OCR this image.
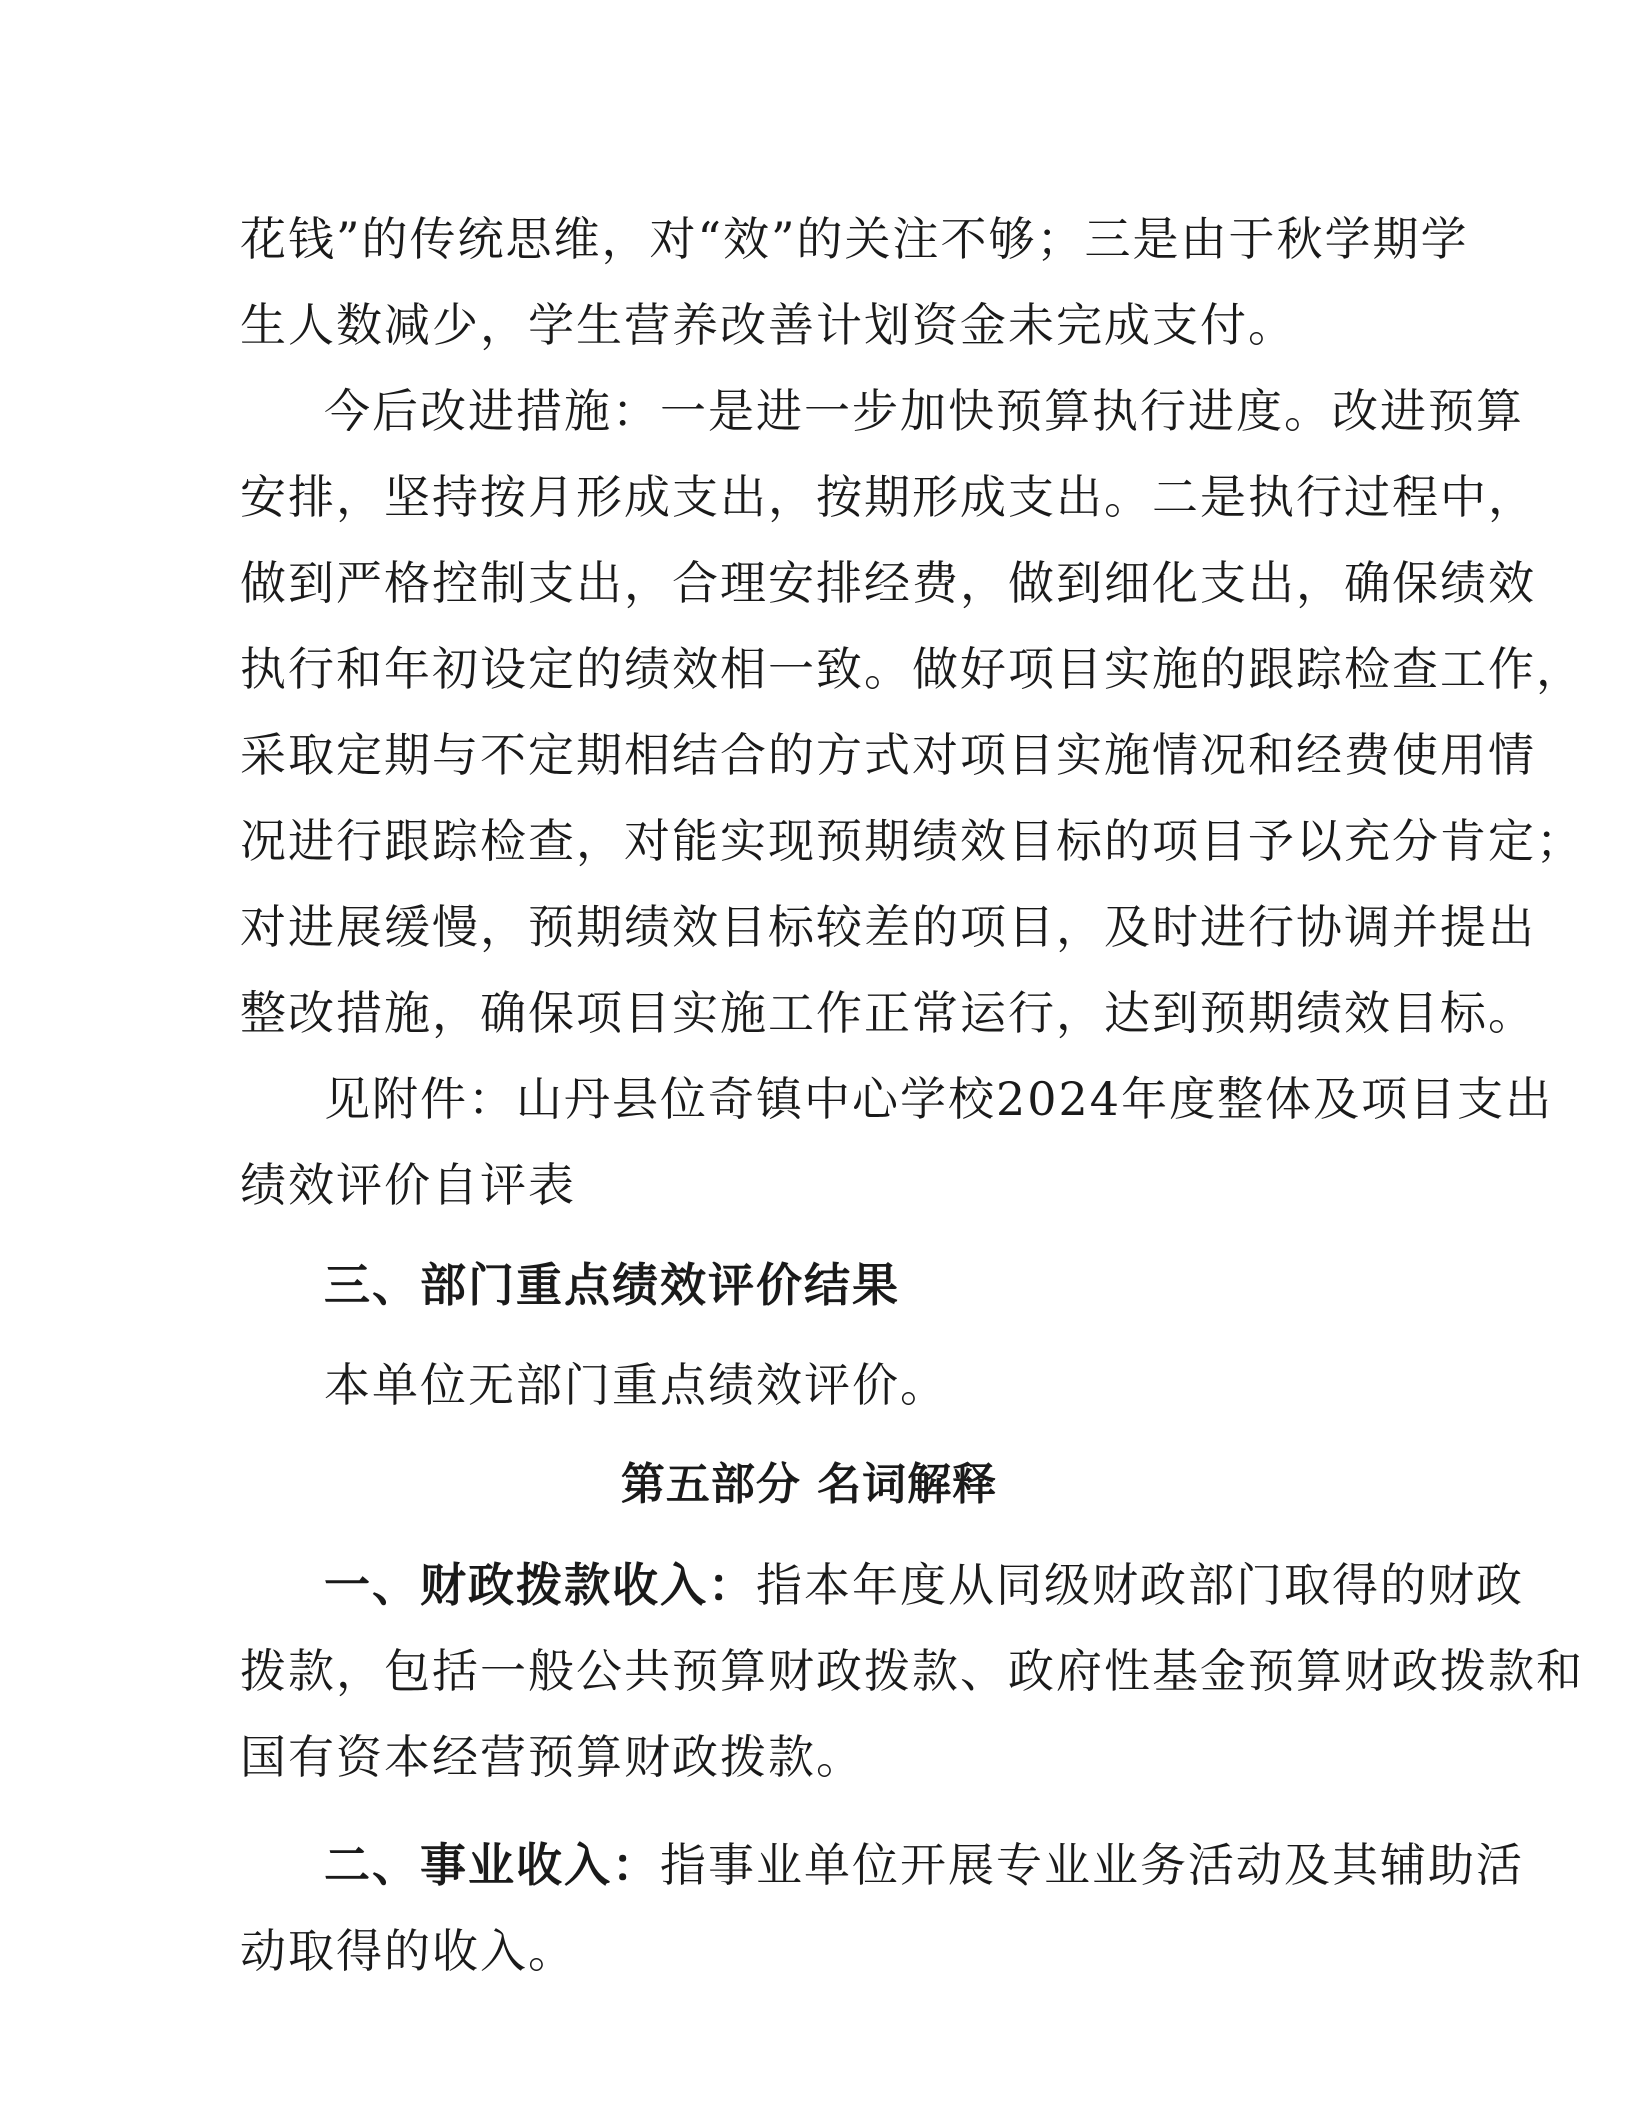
花钱”的传统思维，对“效”的关注不够；三是由于秋学期学
生人数减少，学生营养改善计划资金未完成支付。
今后改进措施：一是进一步加快预算执行进度。改进预算
安排，坚持按月形成支出，按期形成支出。二是执行过程中，
做到严格控制支出，合理安排经费，做到细化支出，确保绩效
执行和年初设定的绩效相一致。做好项目实施的跟踪检查工作，
采取定期与不定期相结合的方式对项目实施情况和经费使用情
况进行跟踪检查，对能实现预期绩效目标的项目予以充分肯定；
对进展缓慢，预期绩效目标较差的项目，及时进行协调并提出
整改措施，确保项目实施工作正常运行，达到预期绩效目标。
见附件：山丹县位奇镇中心学校2024年度整体及项目支出
绩效评价自评表
三、部门重点绩效评价结果
本单位无部门重点绩效评价。
第五部分 名词解释
一、财政拨款收入：指本年度从同级财政部门取得的财政
拨款，包括一般公共预算财政拨款、政府性基金预算财政拨款和
国有资本经营预算财政拨款。
二、事业收入：指事业单位开展专业业务活动及其辅助活
动取得的收入。
